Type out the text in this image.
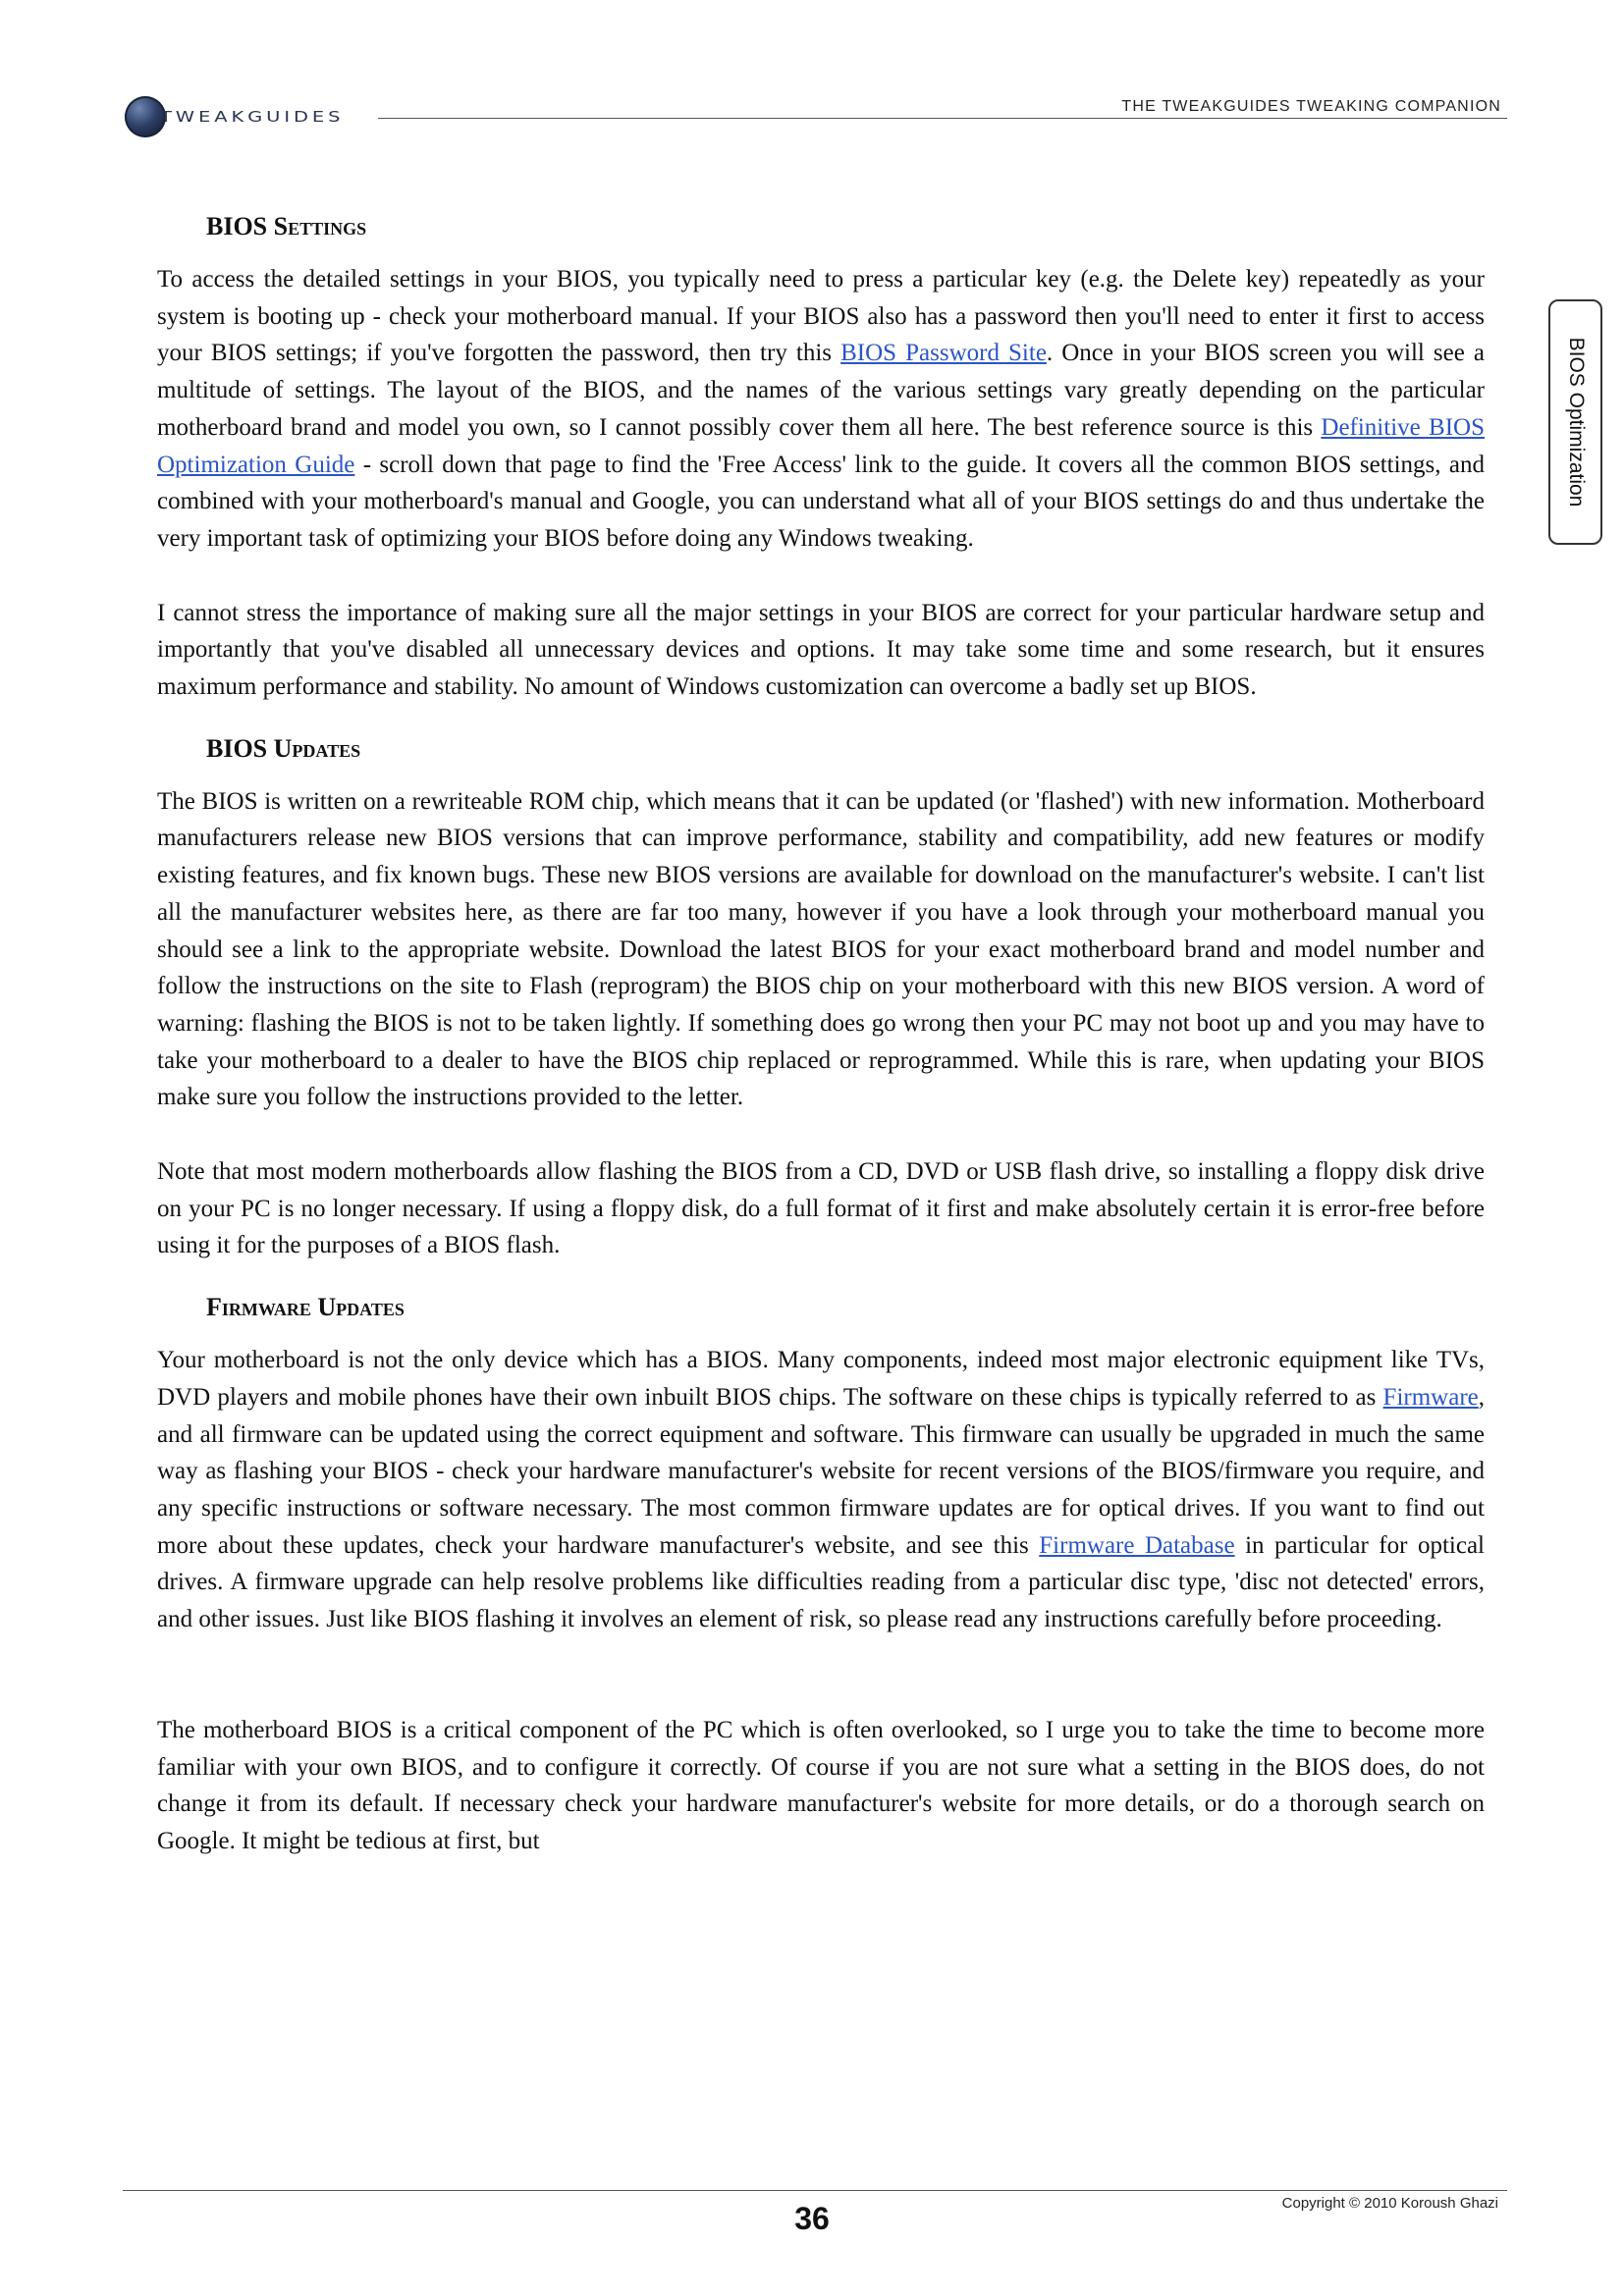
TWEAKGUIDES
THE TWEAKGUIDES TWEAKING COMPANION
BIOS Optimization
BIOS Settings

To access the detailed settings in your BIOS, you typically need to press a particular key (e.g. the Delete key) repeatedly as your system is booting up - check your motherboard manual. If your BIOS also has a password then you'll need to enter it first to access your BIOS settings; if you've forgotten the password, then try this BIOS Password Site. Once in your BIOS screen you will see a multitude of settings. The layout of the BIOS, and the names of the various settings vary greatly depending on the particular motherboard brand and model you own, so I cannot possibly cover them all here. The best reference source is this Definitive BIOS Optimization Guide - scroll down that page to find the 'Free Access' link to the guide. It covers all the common BIOS settings, and combined with your motherboard's manual and Google, you can understand what all of your BIOS settings do and thus undertake the very important task of optimizing your BIOS before doing any Windows tweaking.

I cannot stress the importance of making sure all the major settings in your BIOS are correct for your particular hardware setup and importantly that you've disabled all unnecessary devices and options. It may take some time and some research, but it ensures maximum performance and stability. No amount of Windows customization can overcome a badly set up BIOS.

BIOS Updates

The BIOS is written on a rewriteable ROM chip, which means that it can be updated (or 'flashed') with new information. Motherboard manufacturers release new BIOS versions that can improve performance, stability and compatibility, add new features or modify existing features, and fix known bugs. These new BIOS versions are available for download on the manufacturer's website. I can't list all the manufacturer websites here, as there are far too many, however if you have a look through your motherboard manual you should see a link to the appropriate website. Download the latest BIOS for your exact motherboard brand and model number and follow the instructions on the site to Flash (reprogram) the BIOS chip on your motherboard with this new BIOS version. A word of warning: flashing the BIOS is not to be taken lightly. If something does go wrong then your PC may not boot up and you may have to take your motherboard to a dealer to have the BIOS chip replaced or reprogrammed. While this is rare, when updating your BIOS make sure you follow the instructions provided to the letter.

Note that most modern motherboards allow flashing the BIOS from a CD, DVD or USB flash drive, so installing a floppy disk drive on your PC is no longer necessary. If using a floppy disk, do a full format of it first and make absolutely certain it is error-free before using it for the purposes of a BIOS flash.

Firmware Updates

Your motherboard is not the only device which has a BIOS. Many components, indeed most major electronic equipment like TVs, DVD players and mobile phones have their own inbuilt BIOS chips. The software on these chips is typically referred to as Firmware, and all firmware can be updated using the correct equipment and software. This firmware can usually be upgraded in much the same way as flashing your BIOS - check your hardware manufacturer's website for recent versions of the BIOS/firmware you require, and any specific instructions or software necessary. The most common firmware updates are for optical drives. If you want to find out more about these updates, check your hardware manufacturer's website, and see this Firmware Database in particular for optical drives. A firmware upgrade can help resolve problems like difficulties reading from a particular disc type, 'disc not detected' errors, and other issues. Just like BIOS flashing it involves an element of risk, so please read any instructions carefully before proceeding.

The motherboard BIOS is a critical component of the PC which is often overlooked, so I urge you to take the time to become more familiar with your own BIOS, and to configure it correctly. Of course if you are not sure what a setting in the BIOS does, do not change it from its default. If necessary check your hardware manufacturer's website for more details, or do a thorough search on Google. It might be tedious at first, but

36	Copyright © 2010 Koroush Ghazi
